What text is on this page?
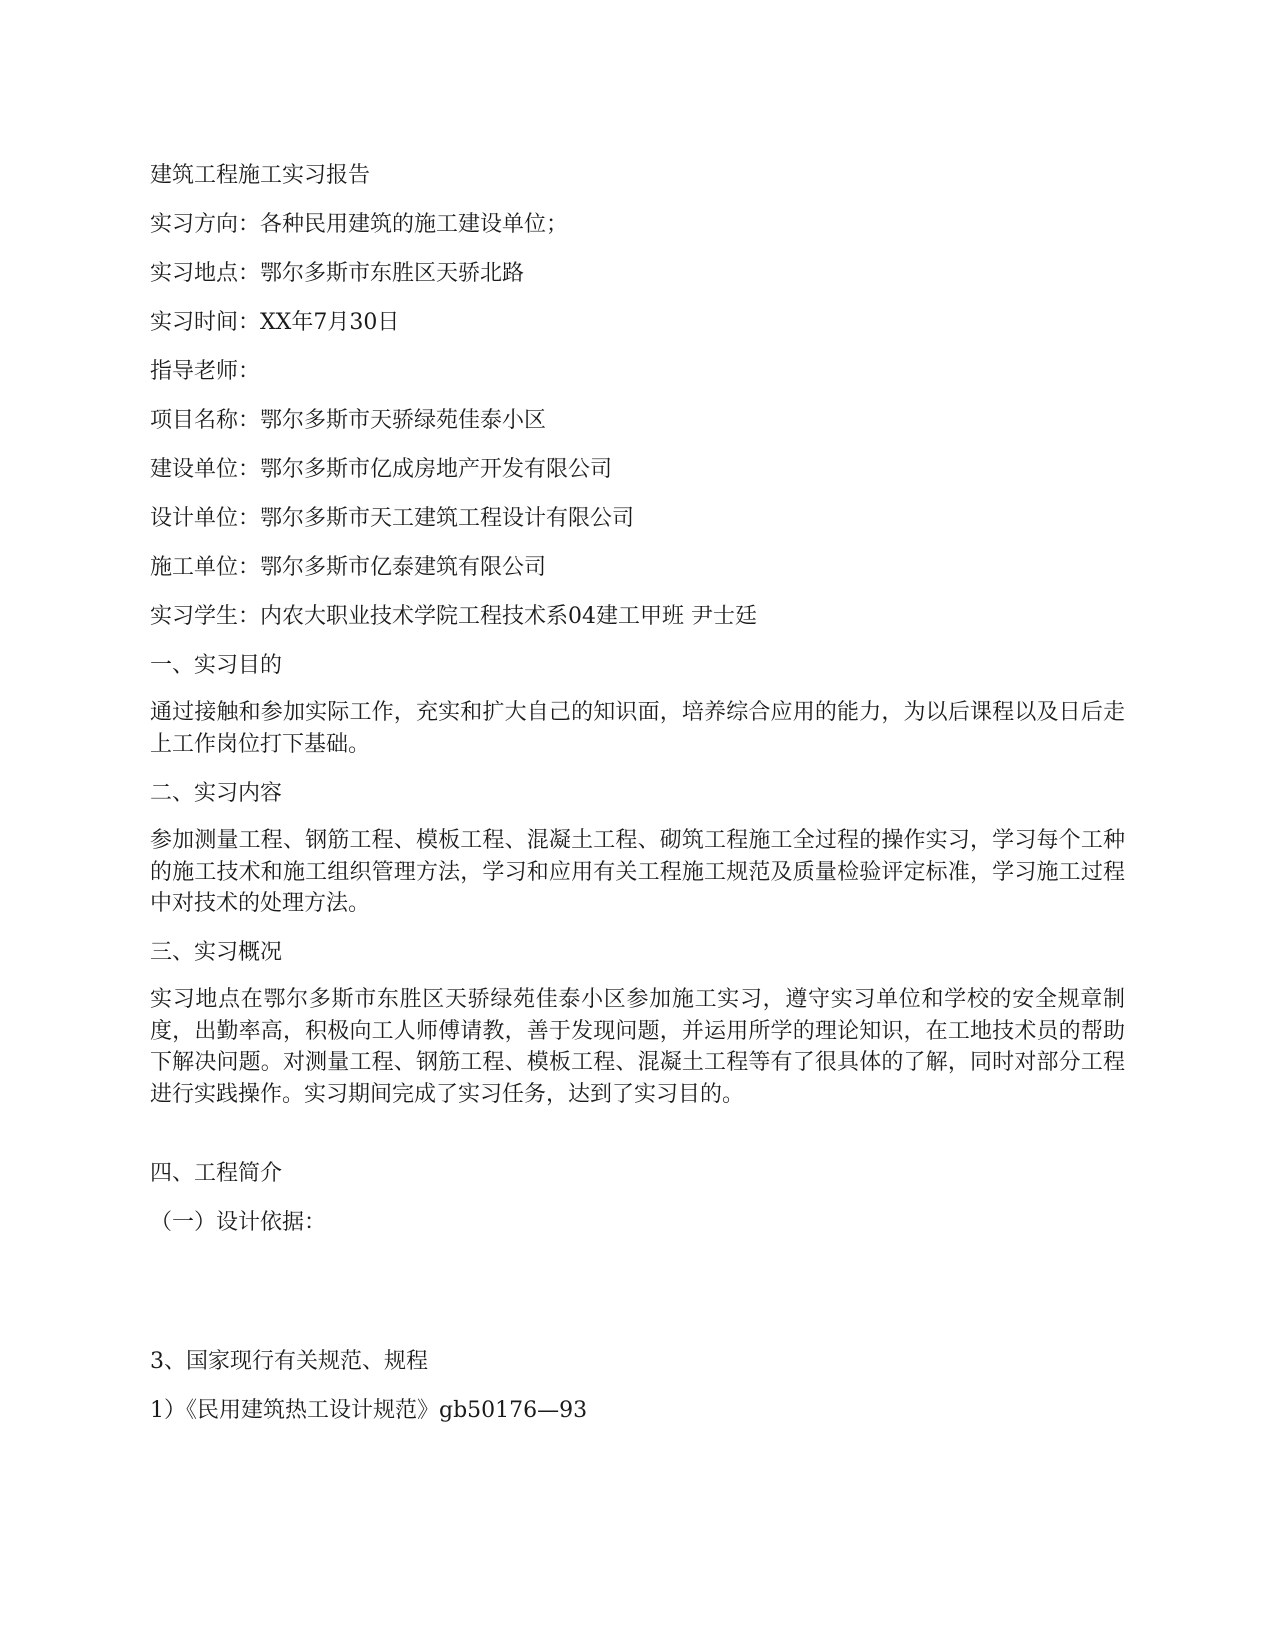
建筑工程施工实习报告
实习方向：各种民用建筑的施工建设单位；
实习地点：鄂尔多斯市东胜区天骄北路
实习时间：XX年7月30日
指导老师：
项目名称：鄂尔多斯市天骄绿苑佳泰小区
建设单位：鄂尔多斯市亿成房地产开发有限公司
设计单位：鄂尔多斯市天工建筑工程设计有限公司
施工单位：鄂尔多斯市亿泰建筑有限公司
实习学生：内农大职业技术学院工程技术系04建工甲班 尹士廷
一、实习目的
通过接触和参加实际工作，充实和扩大自己的知识面，培养综合应用的能力，为以后课程以及日后走上工作岗位打下基础。
二、实习内容
参加测量工程、钢筋工程、模板工程、混凝土工程、砌筑工程施工全过程的操作实习，学习每个工种的施工技术和施工组织管理方法，学习和应用有关工程施工规范及质量检验评定标准，学习施工过程中对技术的处理方法。
三、实习概况
实习地点在鄂尔多斯市东胜区天骄绿苑佳泰小区参加施工实习，遵守实习单位和学校的安全规章制度，出勤率高，积极向工人师傅请教，善于发现问题，并运用所学的理论知识，在工地技术员的帮助下解决问题。对测量工程、钢筋工程、模板工程、混凝土工程等有了很具体的了解，同时对部分工程进行实践操作。实习期间完成了实习任务，达到了实习目的。
四、工程简介
（一）设计依据：
3、国家现行有关规范、规程
1）《民用建筑热工设计规范》gb50176—93
